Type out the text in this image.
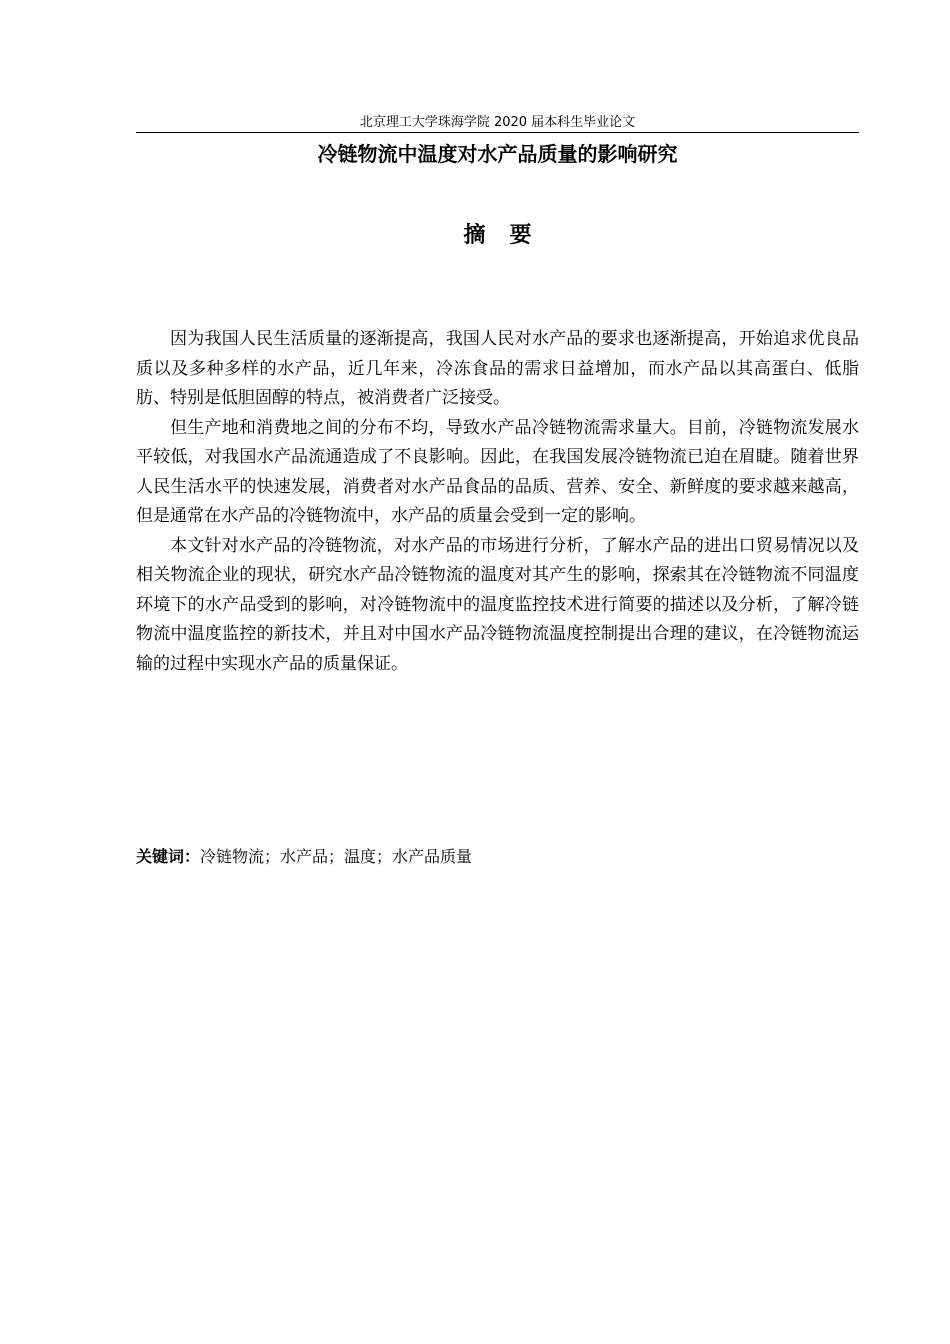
北京理工大学珠海学院 2020 届本科生毕业论文
冷链物流中温度对水产品质量的影响研究
摘要

因为我国人民生活质量的逐渐提高，我国人民对水产品的要求也逐渐提高，开始追求优良品质以及多种多样的水产品，近几年来，冷冻食品的需求日益增加，而水产品以其高蛋白、低脂肪、特别是低胆固醇的特点，被消费者广泛接受。

但生产地和消费地之间的分布不均，导致水产品冷链物流需求量大。目前，冷链物流发展水平较低，对我国水产品流通造成了不良影响。因此，在我国发展冷链物流已迫在眉睫。随着世界人民生活水平的快速发展，消费者对水产品食品的品质、营养、安全、新鲜度的要求越来越高，但是通常在水产品的冷链物流中，水产品的质量会受到一定的影响。

本文针对水产品的冷链物流，对水产品的市场进行分析，了解水产品的进出口贸易情况以及相关物流企业的现状，研究水产品冷链物流的温度对其产生的影响，探索其在冷链物流不同温度环境下的水产品受到的影响，对冷链物流中的温度监控技术进行简要的描述以及分析，了解冷链物流中温度监控的新技术，并且对中国水产品冷链物流温度控制提出合理的建议，在冷链物流运输的过程中实现水产品的质量保证。

关键词：冷链物流；水产品；温度；水产品质量
